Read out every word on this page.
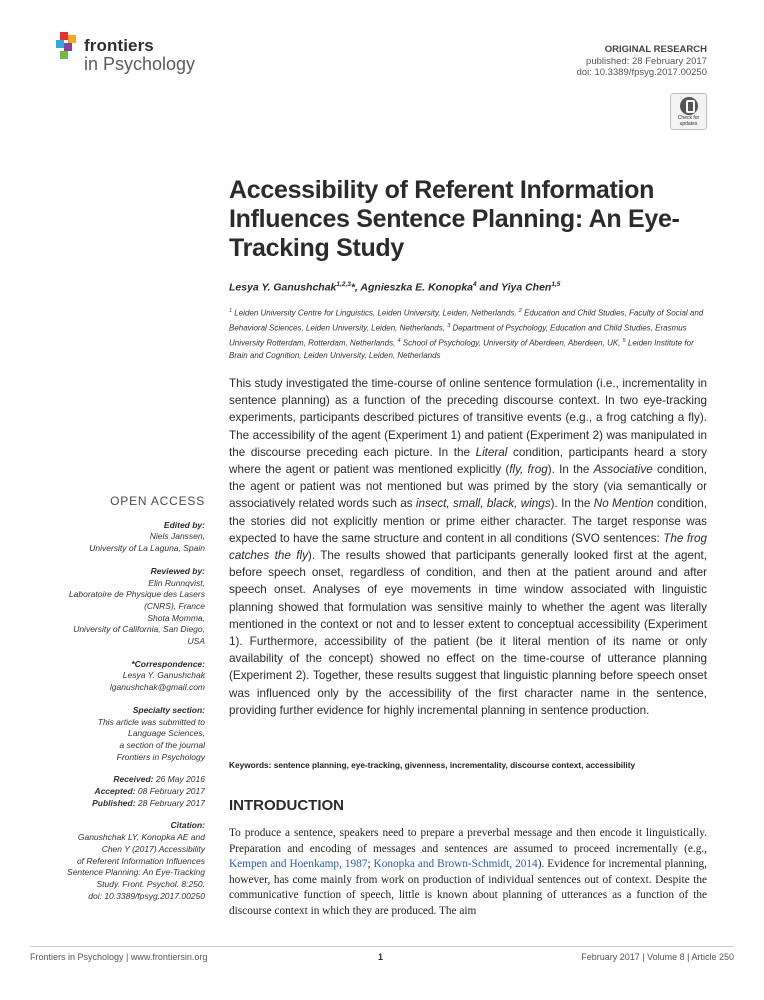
frontiers
in Psychology
ORIGINAL RESEARCH
published: 28 February 2017
doi: 10.3389/fpsyg.2017.00250
Check for updates
Accessibility of Referent Information Influences Sentence Planning: An Eye-Tracking Study
Lesya Y. Ganushchak$^{1,2,3}$*, Agnieszka E. Konopka$^4$ and Yiya Chen$^{1,5}$
$^1$ Leiden University Centre for Linguistics, Leiden University, Leiden, Netherlands, $^2$ Education and Child Studies, Faculty of Social and Behavioral Sciences, Leiden University, Leiden, Netherlands, $^3$ Department of Psychology, Education and Child Studies, Erasmus University Rotterdam, Rotterdam, Netherlands, $^4$ School of Psychology, University of Aberdeen, Aberdeen, UK, $^5$ Leiden Institute for Brain and Cognition, Leiden University, Leiden, Netherlands
This study investigated the time-course of online sentence formulation (i.e., incrementality in sentence planning) as a function of the preceding discourse context. In two eye-tracking experiments, participants described pictures of transitive events (e.g., a frog catching a fly). The accessibility of the agent (Experiment 1) and patient (Experiment 2) was manipulated in the discourse preceding each picture. In the Literal condition, participants heard a story where the agent or patient was mentioned explicitly (fly, frog). In the Associative condition, the agent or patient was not mentioned but was primed by the story (via semantically or associatively related words such as insect, small, black, wings). In the No Mention condition, the stories did not explicitly mention or prime either character. The target response was expected to have the same structure and content in all conditions (SVO sentences: The frog catches the fly). The results showed that participants generally looked first at the agent, before speech onset, regardless of condition, and then at the patient around and after speech onset. Analyses of eye movements in time window associated with linguistic planning showed that formulation was sensitive mainly to whether the agent was literally mentioned in the context or not and to lesser extent to conceptual accessibility (Experiment 1). Furthermore, accessibility of the patient (be it literal mention of its name or only availability of the concept) showed no effect on the time-course of utterance planning (Experiment 2). Together, these results suggest that linguistic planning before speech onset was influenced only by the accessibility of the first character name in the sentence, providing further evidence for highly incremental planning in sentence production.
Keywords: sentence planning, eye-tracking, givenness, incrementality, discourse context, accessibility
INTRODUCTION
To produce a sentence, speakers need to prepare a preverbal message and then encode it linguistically. Preparation and encoding of messages and sentences are assumed to proceed incrementally (e.g., Kempen and Hoenkamp, 1987; Konopka and Brown-Schmidt, 2014). Evidence for incremental planning, however, has come mainly from work on production of individual sentences out of context. Despite the communicative function of speech, little is known about planning of utterances as a function of the discourse context in which they are produced. The aim
OPEN ACCESS
Edited by:
Niels Janssen,
University of La Laguna, Spain
Reviewed by:
Elin Runnqvist,
Laboratoire de Physique des Lasers
(CNRS), France
Shota Momma,
University of California, San Diego,
USA
*Correspondence:
Lesya Y. Ganushchak
lganushchak@gmail.com
Specialty section:
This article was submitted to
Language Sciences,
a section of the journal
Frontiers in Psychology
Received: 26 May 2016
Accepted: 08 February 2017
Published: 28 February 2017
Citation:
Ganushchak LY, Konopka AE and
Chen Y (2017) Accessibility
of Referent Information Influences
Sentence Planning: An Eye-Tracking
Study. Front. Psychol. 8:250.
doi: 10.3389/fpsyg.2017.00250
Frontiers in Psychology | www.frontiersin.org	1	February 2017 | Volume 8 | Article 250
